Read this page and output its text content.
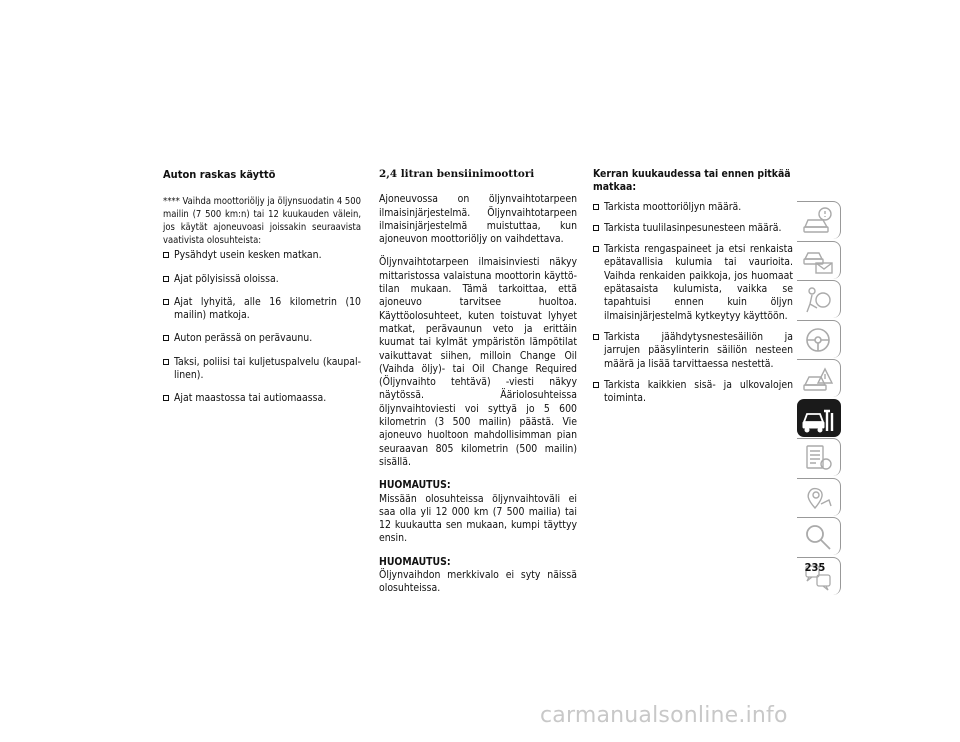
Auton raskas käyttö
**** Vaihda moottoriöljy ja öljynsuodatin 4 500 mailin (7 500 km:n) tai 12 kuukauden välein, jos käytät ajoneuvoasi joissakin seuraavista vaativista olosuhteista:
Pysähdyt usein kesken matkan.
Ajat pölyisissä oloissa.
Ajat lyhyitä, alle 16 kilometrin (10 mailin) matkoja.
Auton perässä on perävaunu.
Taksi, poliisi tai kuljetuspalvelu (kaupallinen).
Ajat maastossa tai autiomaassa.
2,4 litran bensiinimoottori

Ajoneuvossa on öljynvaihtotarpeen ilmaisinjärjestelmä. Öljynvaihtotarpeen ilmaisinjärjestelmä muistuttaa, kun ajoneuvon moottoriöljy on vaihdettava.

Öljynvaihtotarpeen ilmaisinviesti näkyy mittaristossa valaistuna moottorin käyttötilan mukaan. Tämä tarkoittaa, että ajoneuvo tarvitsee huoltoa. Käyttöolosuhteet, kuten toistuvat lyhyet matkat, perävaunun veto ja erittäin kuumat tai kylmät ympäristön lämpötilat vaikuttavat siihen, milloin Change Oil (Vaihda öljy)- tai Oil Change Required (Öljynvaihto tehtävä) -viesti näkyy näytössä. Ääriolosuhteissa öljynvaihtoviesti voi syttyä jo 5 600 kilometrin (3 500 mailin) päästä. Vie ajoneuvo huoltoon mahdollisimman pian seuraavan 805 kilometrin (500 mailin) sisällä.

HUOMAUTUS:
Missään olosuhteissa öljynvaihtoväli ei saa olla yli 12 000 km (7 500 mailia) tai 12 kuukautta sen mukaan, kumpi täyttyy ensin.

HUOMAUTUS:
Öljynvaihdon merkkivalo ei syty näissä olosuhteissa.

Kerran kuukaudessa tai ennen pitkää matkaa:
Tarkista moottoriöljyn määrä.
Tarkista tuulilasinpesunesteen määrä.
Tarkista rengaspaineet ja etsi renkaista epätavallisia kulumia tai vaurioita. Vaihda renkaiden paikkoja, jos huomaat epätasaista kulumista, vaikka se tapahtuisi ennen kuin öljyn ilmaisinjärjestelmä kytkeytyy käyttöön.
Tarkista jäähdytysnestesäiliön ja jarrujen pääsylinterin säiliön nesteen määrä ja lisää tarvittaessa nestettä.
Tarkista kaikkien sisä- ja ulkovalojen toiminta.
235
carmanualsonline.info
